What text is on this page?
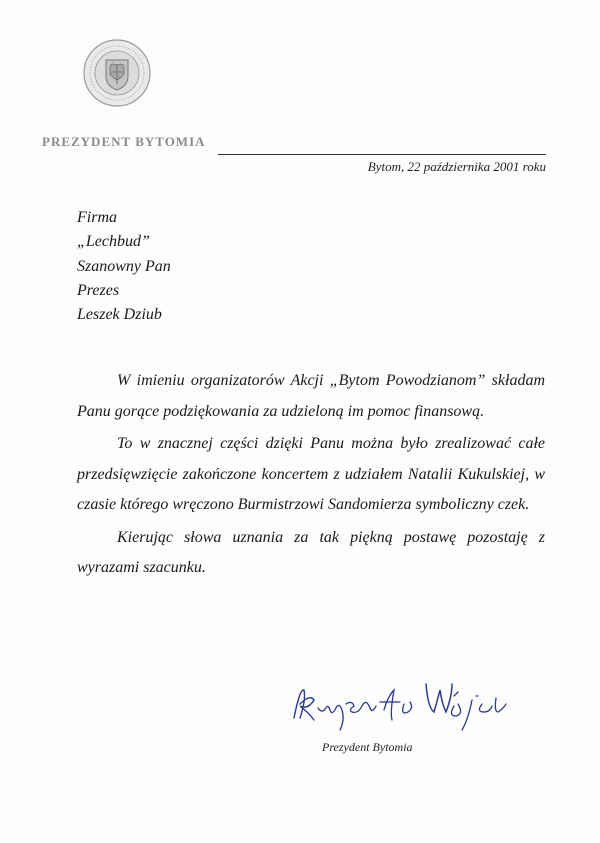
PREZYDENT BYTOMIA
Bytom, 22 października 2001 roku
Firma
„Lechbud”
Szanowny Pan
Prezes
Leszek Dziub

W imieniu organizatorów Akcji „Bytom Powodzianom” składam Panu gorące podziękowania za udzieloną im pomoc finansową.

To w znacznej części dzięki Panu można było zrealizować całe przedsięwzięcie zakończone koncertem z udziałem Natalii Kukulskiej, w czasie którego wręczono Burmistrzowi Sandomierza symboliczny czek.

Kierując słowa uznania za tak piękną postawę pozostaję z wyrazami szacunku.

Prezydent Bytomia
